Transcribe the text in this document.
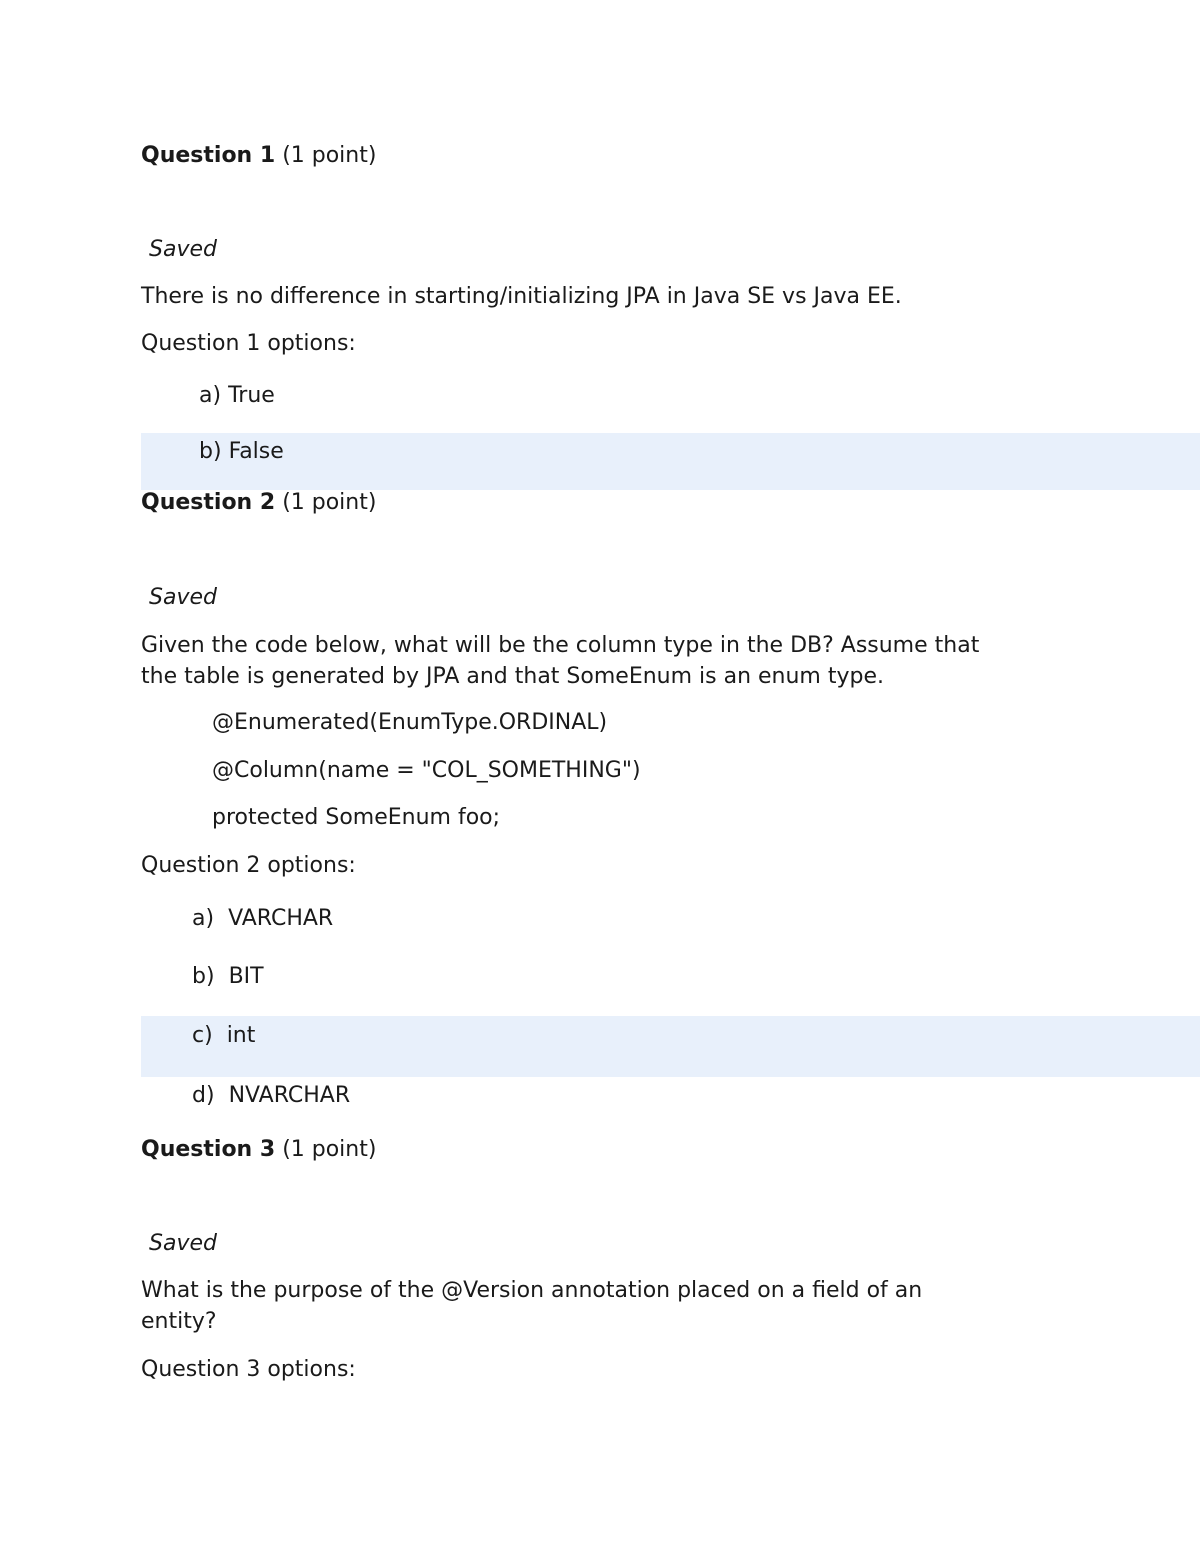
Question 1 (1 point)
Saved
There is no difference in starting/initializing JPA in Java SE vs Java EE.
Question 1 options:
a) True
b) False
Question 2 (1 point)
Saved
Given the code below, what will be the column type in the DB? Assume that
the table is generated by JPA and that SomeEnum is an enum type.
@Enumerated(EnumType.ORDINAL)
@Column(name = "COL_SOMETHING")
protected SomeEnum foo;
Question 2 options:
a) VARCHAR
b) BIT
c) int
d) NVARCHAR
Question 3 (1 point)
Saved
What is the purpose of the @Version annotation placed on a field of an
entity?
Question 3 options:
